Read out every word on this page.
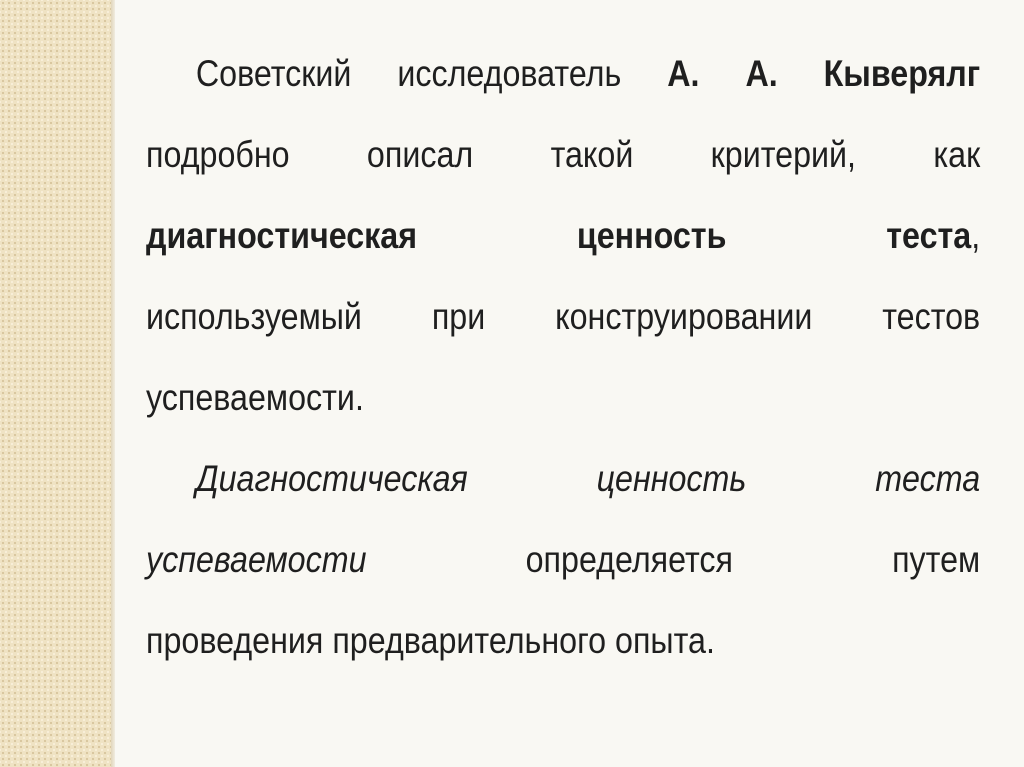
Советский исследователь А. А. Кыверялг
подробно описал такой критерий, как
диагностическая ценность теста,
используемый при конструировании тестов
успеваемости.

Диагностическая ценность теста
успеваемости	определяется путем
проведения предварительного опыта.
